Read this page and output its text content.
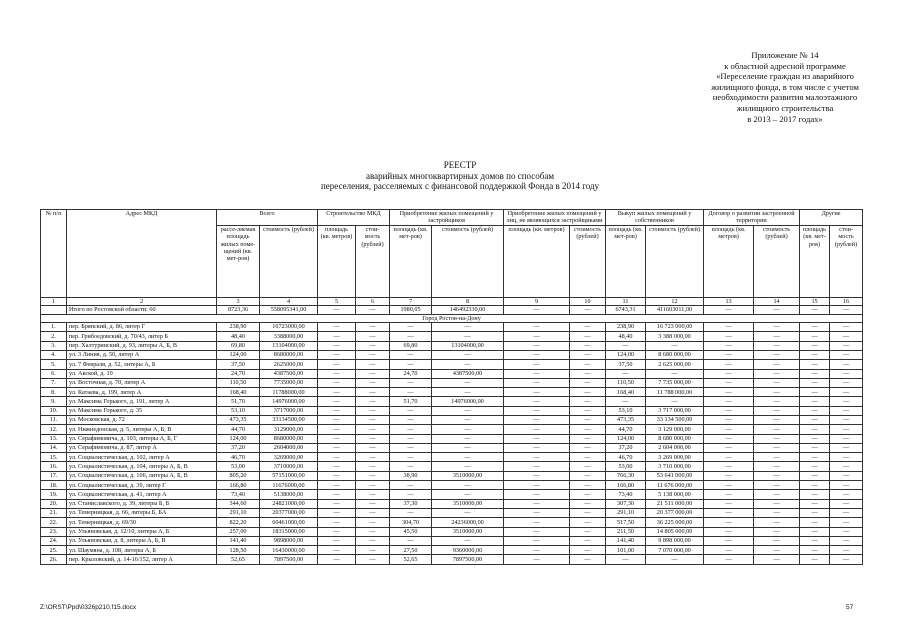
Приложение № 14
к областной адресной программе
«Переселение граждан из аварийного
жилищного фонда, в том числе с учетом
необходимости развития малоэтажного
жилищного строительства
в 2013 – 2017 годах»
РЕЕСТР
аварийных многоквартирных домов по способам
переселения, расселяемых с финансовой поддержкой Фонда в 2014 году
№ п/п	Адрес МКД	Всего		Строительство МКД		Приобретение жилых помещений у застройщиков		Приобретение жилых помещений у лиц, не являющихся застройщиками		Выкуп жилых помещений у собственников		Договор о развитии застроенной территории		Другие	
		рассе-ляемая площадь жилых поме-щений (кв. мет-ров)	стоимость (рублей)	площадь (кв. метров)	стои-мость (рублей)	площадь (кв. мет-ров)	стоимость (рублей)	площадь (кв. метров)	стоимость (рублей)	площадь (кв. мет-ров)	стоимость (рублей)	площадь (кв. метров)	стоимость (рублей)	площадь (кв. мет-ров)	стои-мость (рублей)
1	2	3	4	5	6	7	8	9	10	11	12	13	14	15	16
	Итого по Ростовской области: 60	8723,36	558095341,00	—	—	1980,05	146492330,00	—	—	6743,31	411603011,00	—	—	—	—
Город Ростов-на-Дону															
1.	пер. Брянский, д. 86, литер Г	238,90	16723000,00	—	—	—	—	—	—	238,90	16 723 000,00	—	—	—	—
2.	пер. Грибоедовский, д. 70/43, литер Б	48,40	3388000,00	—	—	—	—	—	—	48,40	3 388 000,00	—	—	—	—
3.	пер. Халтуринский, д. 93, литеры А, Б, В	69,80	13104000,00	—	—	69,80	13104000,00	—	—	—	—	—	—	—	—
4.	ул. 3 Линия, д. 50, литер А	124,00	8680000,00	—	—	—	—	—	—	124,00	8 680 000,00	—	—	—	—
5.	ул. 7 Февраля, д. 52, литеры А, Б	37,50	2625000,00	—	—	—	—	—	—	37,50	2 625 000,00	—	—	—	—
6.	ул. Акской, д. 10	24,70	4387500,00	—	—	24,70	4387500,00	—	—	—	—	—	—	—	—
7.	ул. Восточная, д. 70, литер А	110,50	7735000,00	—	—	—	—	—	—	110,50	7 735 000,00	—	—	—	—
8.	ул. Катаева, д. 199, литер А	168,40	11788000,00	—	—	—	—	—	—	168,40	11 788 000,00	—	—	—	—
9.	ул. Максима Горького, д. 191, литер А	51,70	14976000,00	—	—	51,70	14976000,00	—	—	—	—	—	—	—	—
10.	ул. Максима Горького, д. 35	53,10	3717000,00	—	—	—	—	—	—	53,10	3 717 000,00	—	—	—	—
11.	ул. Московская, д. 72	473,35	33134500,00	—	—	—	—	—	—	473,35	33 134 500,00	—	—	—	—
12.	ул. Нижнедонская, д. 5, литеры А, Б, В	44,70	3129000,00	—	—	—	—	—	—	44,70	3 129 000,00	—	—	—	—
13.	ул. Серафимовича, д. 103, литеры А, Б, Г	124,00	8680000,00	—	—	—	—	—	—	124,00	8 680 000,00	—	—	—	—
14.	ул. Серафимовича, д. 87, литер А	37,20	2604000,00	—	—	—	—	—	—	37,20	2 604 000,00	—	—	—	—
15.	ул. Социалистическая, д. 102, литер А	46,70	3269000,00	—	—	—	—	—	—	46,70	3 269 000,00	—	—	—	—
16.	ул. Социалистическая, д. 104, литеры А, Б, В	53,00	3710000,00	—	—	—	—	—	—	53,00	3 710 000,00	—	—	—	—
17.	ул. Социалистическая, д. 106, литеры А, Б, В	805,20	57151000,00	—	—	38,90	3510000,00	—	—	766,30	53 641 000,00	—	—	—	—
18.	ул. Социалистическая, д. 39, литер Г	166,80	11676000,00	—	—	—	—	—	—	166,80	11 676 000,00	—	—	—	—
19.	ул. Социалистическая, д. 41, литер А	73,40	5138000,00	—	—	—	—	—	—	73,40	5 138 000,00	—	—	—	—
20.	ул. Станиславского, д. 39, литеры Б, Б	344,60	24821000,00	—	—	37,30	3510000,00	—	—	307,30	21 511 000,00	—	—	—	—
21.	ул. Темерницкая, д. 66, литеры Б, БА	291,10	20377000,00	—	—	—	—	—	—	291,10	20 377 000,00	—	—	—	—
22.	ул. Темерницкая, д. 69/30	822,20	60461000,00	—	—	304,70	24236000,00	—	—	517,50	36 225 000,00	—	—	—	—
23.	ул. Ульяновская, д. 12/10, литеры А, Б	257,00	18315000,00	—	—	45,50	3510000,00	—	—	211,50	14 805 000,00	—	—	—	—
24.	ул. Ульяновская, д. 8, литеры А, Б, В	141,40	9898000,00	—	—	—	—	—	—	141,40	9 898 000,00	—	—	—	—
25.	ул. Шаумяна, д. 108, литеры А, Б	128,50	16430000,00	—	—	27,50	9360000,00	—	—	101,00	7 070 000,00	—	—	—	—
26.	пер. Крыловский, д. 14-16/152, литер А	52,65	7897500,00	—	—	52,65	7897500,00	—	—	—	—	—	—	—	—
Z:\ORST\Ppd\0326p210.f15.docx	57
